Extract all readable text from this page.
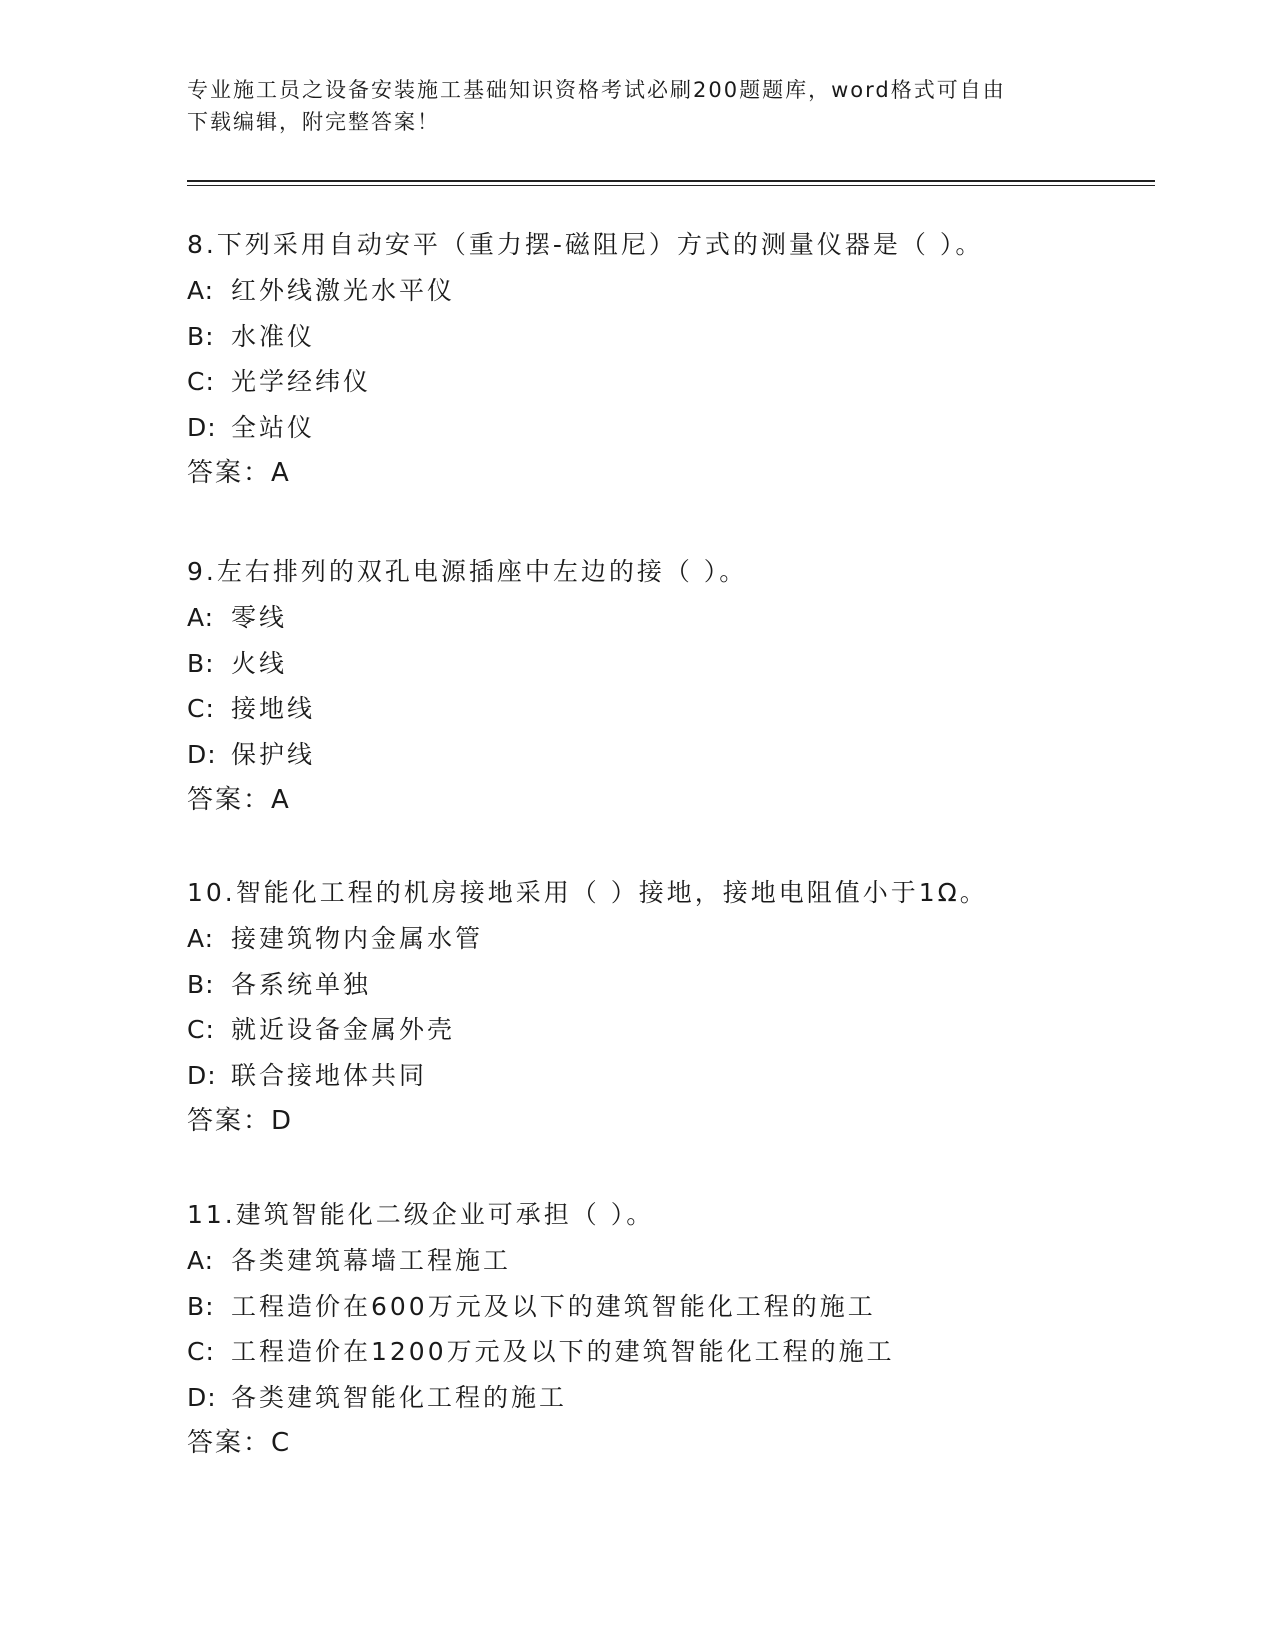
专业施工员之设备安装施工基础知识资格考试必刷200题题库，word格式可自由
下载编辑，附完整答案！
8.下列采用自动安平（重力摆-磁阻尼）方式的测量仪器是（ ）。
A: 红外线激光水平仪
B: 水准仪
C: 光学经纬仪
D: 全站仪
答案：A
9.左右排列的双孔电源插座中左边的接（ ）。
A: 零线
B: 火线
C: 接地线
D: 保护线
答案：A
10.智能化工程的机房接地采用（ ）接地，接地电阻值小于1Ω。
A: 接建筑物内金属水管
B: 各系统单独
C: 就近设备金属外壳
D: 联合接地体共同
答案：D
11.建筑智能化二级企业可承担（ ）。
A: 各类建筑幕墙工程施工
B: 工程造价在600万元及以下的建筑智能化工程的施工
C: 工程造价在1200万元及以下的建筑智能化工程的施工
D: 各类建筑智能化工程的施工
答案：C
